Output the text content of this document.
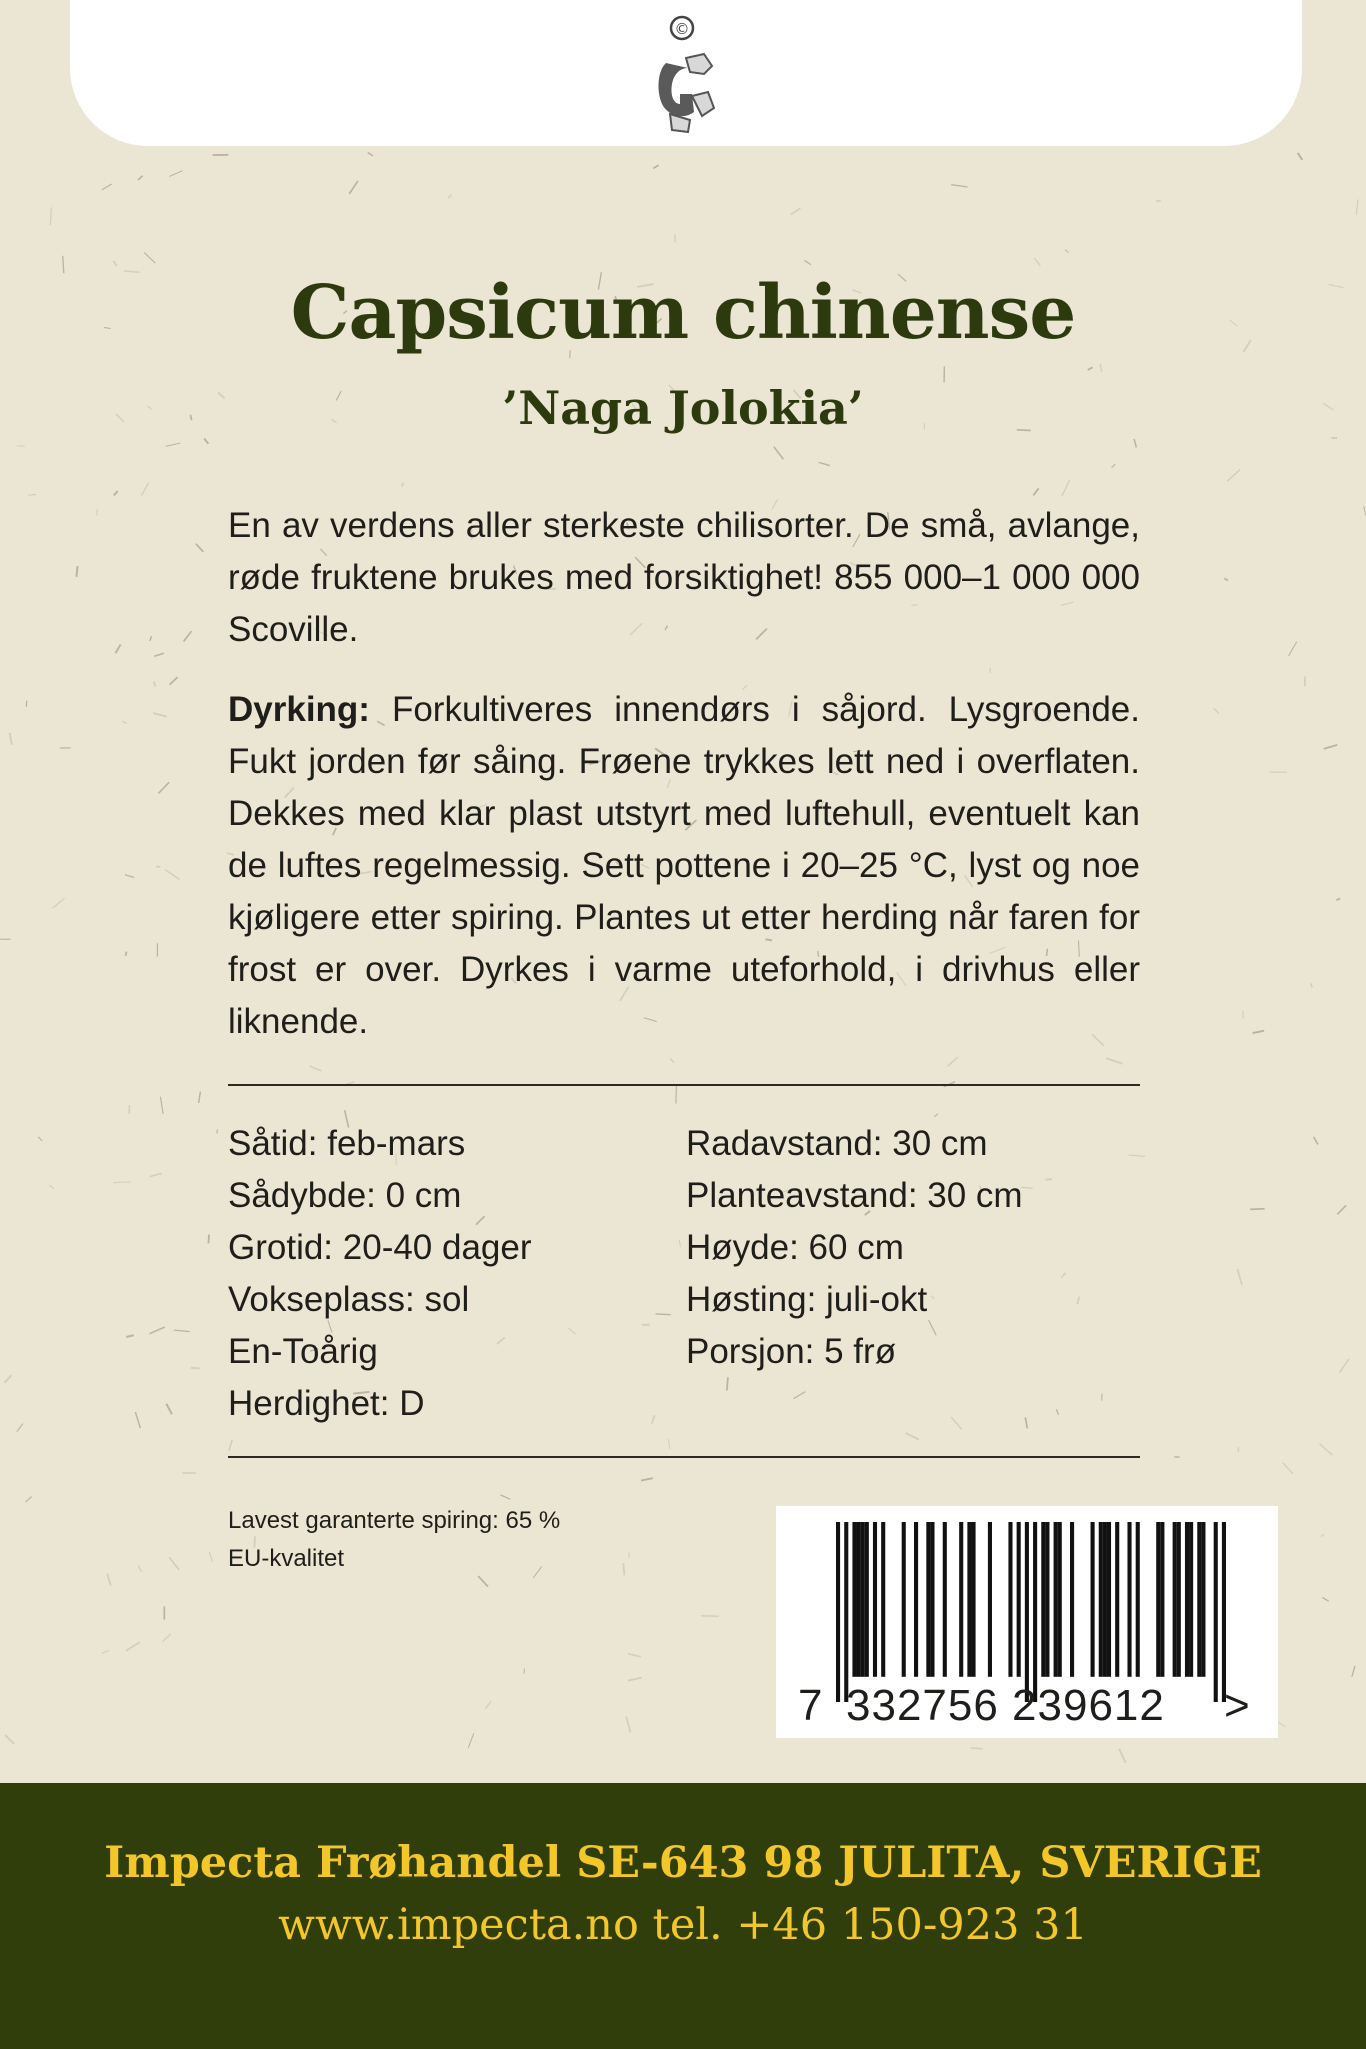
©
Capsicum chinense
’Naga Jolokia’

En av verdens aller sterkeste chilisorter. De små, avlange, røde fruktene brukes med forsiktighet! 855 000–1 000 000 Scoville.

Dyrking: Forkultiveres innendørs i såjord. Lysgroende. Fukt jorden før såing. Frøene trykkes lett ned i overflaten. Dekkes med klar plast utstyrt med luftehull, eventuelt kan de luftes regelmessig. Sett pottene i 20–25 °C, lyst og noe kjøligere etter spiring. Plantes ut etter herding når faren for frost er over. Dyrkes i varme uteforhold, i drivhus eller liknende.

Såtid: feb-mars
Sådybde: 0 cm
Grotid: 20-40 dager
Vokseplass: sol
En-Toårig
Herdighet: D
Radavstand: 30 cm
Planteavstand: 30 cm
Høyde: 60 cm
Høsting: juli-okt
Porsjon: 5 frø
Lavest garanterte spiring: 65 %
EU-kvalitet
7 332756 239612 >
Impecta Frøhandel SE-643 98 JULITA, SVERIGE
www.impecta.no tel. +46 150-923 31
